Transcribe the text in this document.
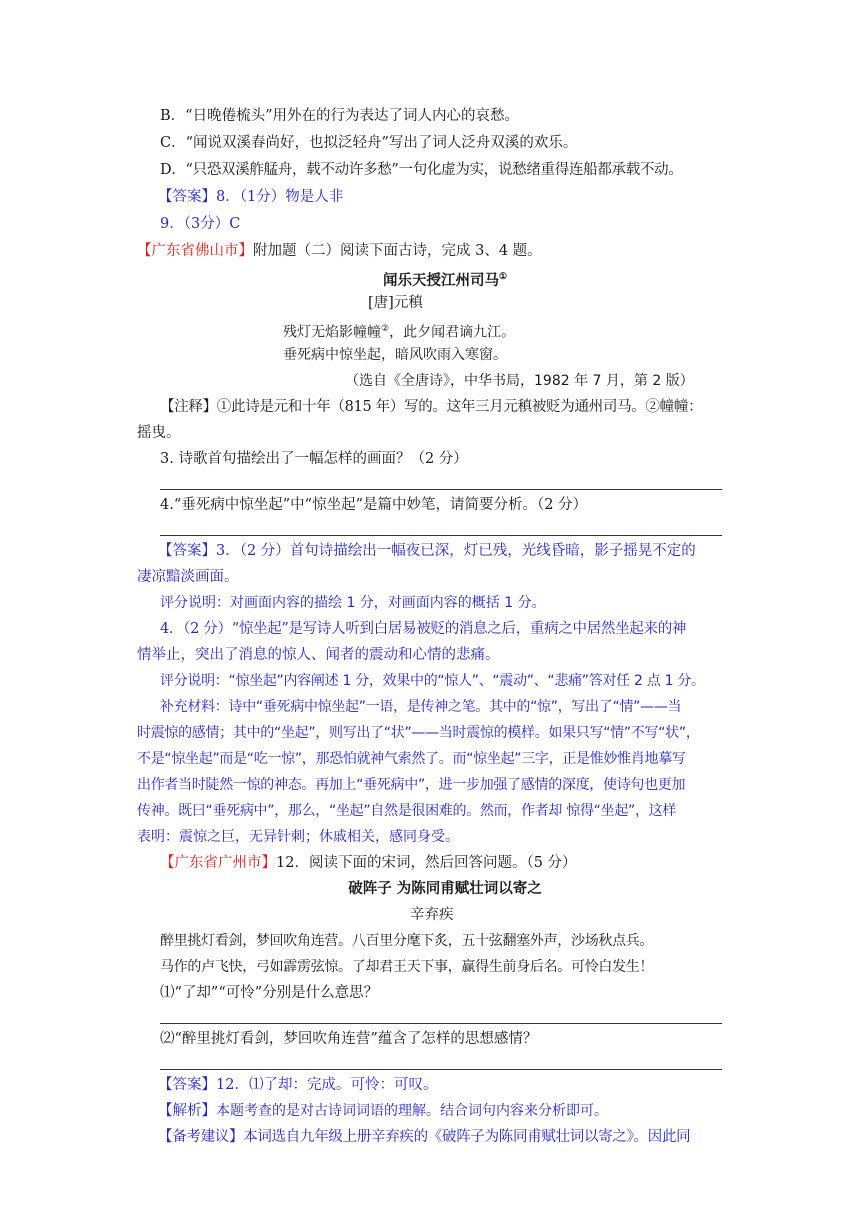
B．“日晚倦梳头”用外在的行为表达了词人内心的哀愁。
C．“闻说双溪春尚好，也拟泛轻舟”写出了词人泛舟双溪的欢乐。
D．“只恐双溪舴艋舟，载不动许多愁”一句化虚为实，说愁绪重得连船都承载不动。
【答案】8．（1分）物是人非
9．（3分）C
【广东省佛山市】附加题（二）阅读下面古诗，完成 3、4 题。
闻乐天授江州司马①
[唐]元稹
残灯无焰影幢幢②，此夕闻君谪九江。
垂死病中惊坐起，暗风吹雨入寒窗。
（选自《全唐诗》，中华书局，1982 年 7 月，第 2 版）
【注释】①此诗是元和十年（815 年）写的。这年三月元稹被贬为通州司马。②幢幢：
摇曳。
3. 诗歌首句描绘出了一幅怎样的画面？（2 分）
4.“垂死病中惊坐起”中“惊坐起”是篇中妙笔，请简要分析。（2 分）
【答案】3．（2 分）首句诗描绘出一幅夜已深，灯已残，光线昏暗，影子摇晃不定的
凄凉黯淡画面。
评分说明：对画面内容的描绘 1 分，对画面内容的概括 1 分。
4．（2 分）“惊坐起”是写诗人听到白居易被贬的消息之后，重病之中居然坐起来的神
情举止，突出了消息的惊人、闻者的震动和心情的悲痛。
评分说明：“惊坐起”内容阐述 1 分，效果中的“惊人”、“震动”、“悲痛”答对任 2 点 1 分。
补充材料：诗中“垂死病中惊坐起”一语，是传神之笔。其中的“惊”，写出了“情”——当
时震惊的感情；其中的“坐起”，则写出了“状”——当时震惊的模样。如果只写“情”不写“状”，
不是“惊坐起”而是“吃一惊”，那恐怕就神气索然了。而“惊坐起”三字，正是惟妙惟肖地摹写
出作者当时陡然一惊的神态。再加上“垂死病中”，进一步加强了感情的深度，使诗句也更加
传神。既曰“垂死病中”，那么，“坐起”自然是很困难的。然而，作者却 惊得“坐起”，这样
表明：震惊之巨，无异针刺；休戚相关，感同身受。
【广东省广州市】12．阅读下面的宋词，然后回答问题。（5 分）
破阵子 为陈同甫赋壮词以寄之
辛弃疾
醉里挑灯看剑，梦回吹角连营。八百里分麾下炙，五十弦翻塞外声，沙场秋点兵。
马作的卢飞快，弓如霹雳弦惊。了却君王天下事，赢得生前身后名。可怜白发生！
⑴“了却”“可怜”分别是什么意思？
⑵“醉里挑灯看剑，梦回吹角连营”蕴含了怎样的思想感情？
【答案】12．⑴了却：完成。可怜：可叹。
【解析】本题考查的是对古诗词词语的理解。结合词句内容来分析即可。
【备考建议】本词选自九年级上册辛弃疾的《破阵子为陈同甫赋壮词以寄之》。因此同
